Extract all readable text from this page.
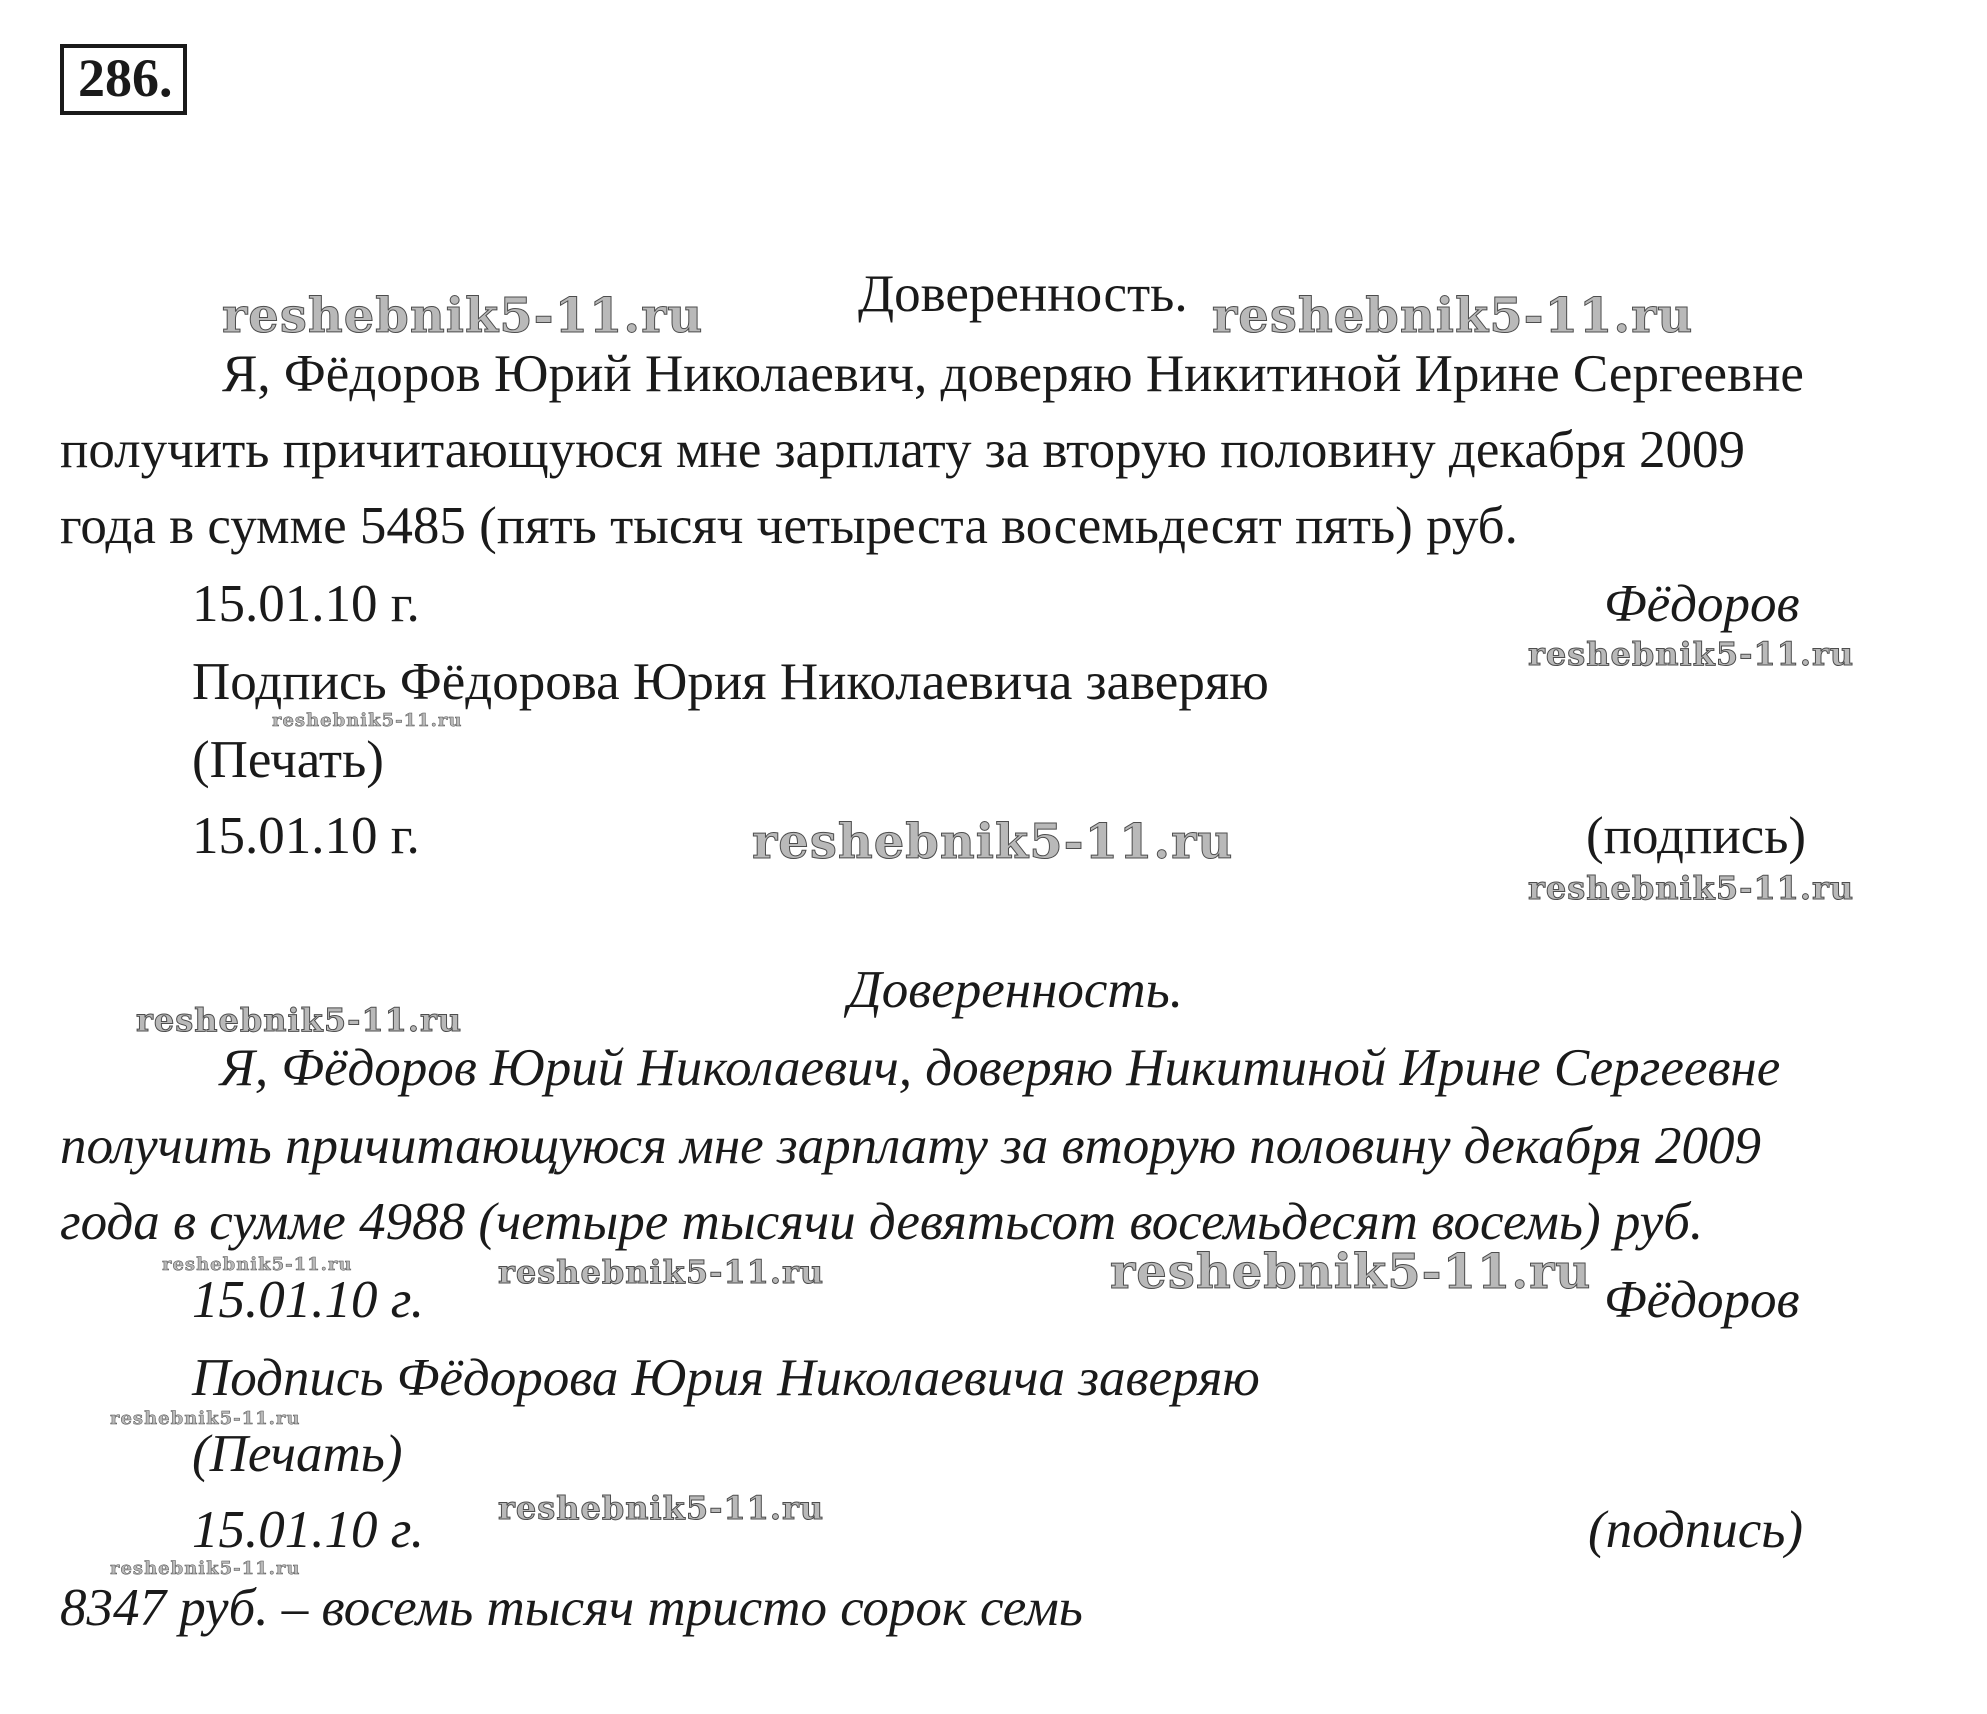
286.
Доверенность.
Я, Фёдоров Юрий Николаевич, доверяю Никитиной Ирине Сергеевне
получить причитающуюся мне зарплату за вторую половину декабря 2009
года в сумме 5485 (пять тысяч четыреста восемьдесят пять) руб.
15.01.10 г.	Фёдоров
Подпись Фёдорова Юрия Николаевича заверяю
(Печать)
15.01.10 г.	(подпись)
Доверенность.
Я, Фёдоров Юрий Николаевич, доверяю Никитиной Ирине Сергеевне
получить причитающуюся мне зарплату за вторую половину декабря 2009
года в сумме 4988 (четыре тысячи девятьсот восемьдесят восемь) руб.
15.01.10 г.	Фёдоров
Подпись Фёдорова Юрия Николаевича заверяю
(Печать)
15.01.10 г.	(подпись)
8347 руб. – восемь тысяч тристо сорок семь
reshebnik5-11.ru	reshebnik5-11.ru
reshebnik5-11.ru
reshebnik5-11.ru
reshebnik5-11.ru
reshebnik5-11.ru
reshebnik5-11.ru
reshebnik5-11.ru	reshebnik5-11.ru	reshebnik5-11.ru
reshebnik5-11.ru
reshebnik5-11.ru
reshebnik5-11.ru
